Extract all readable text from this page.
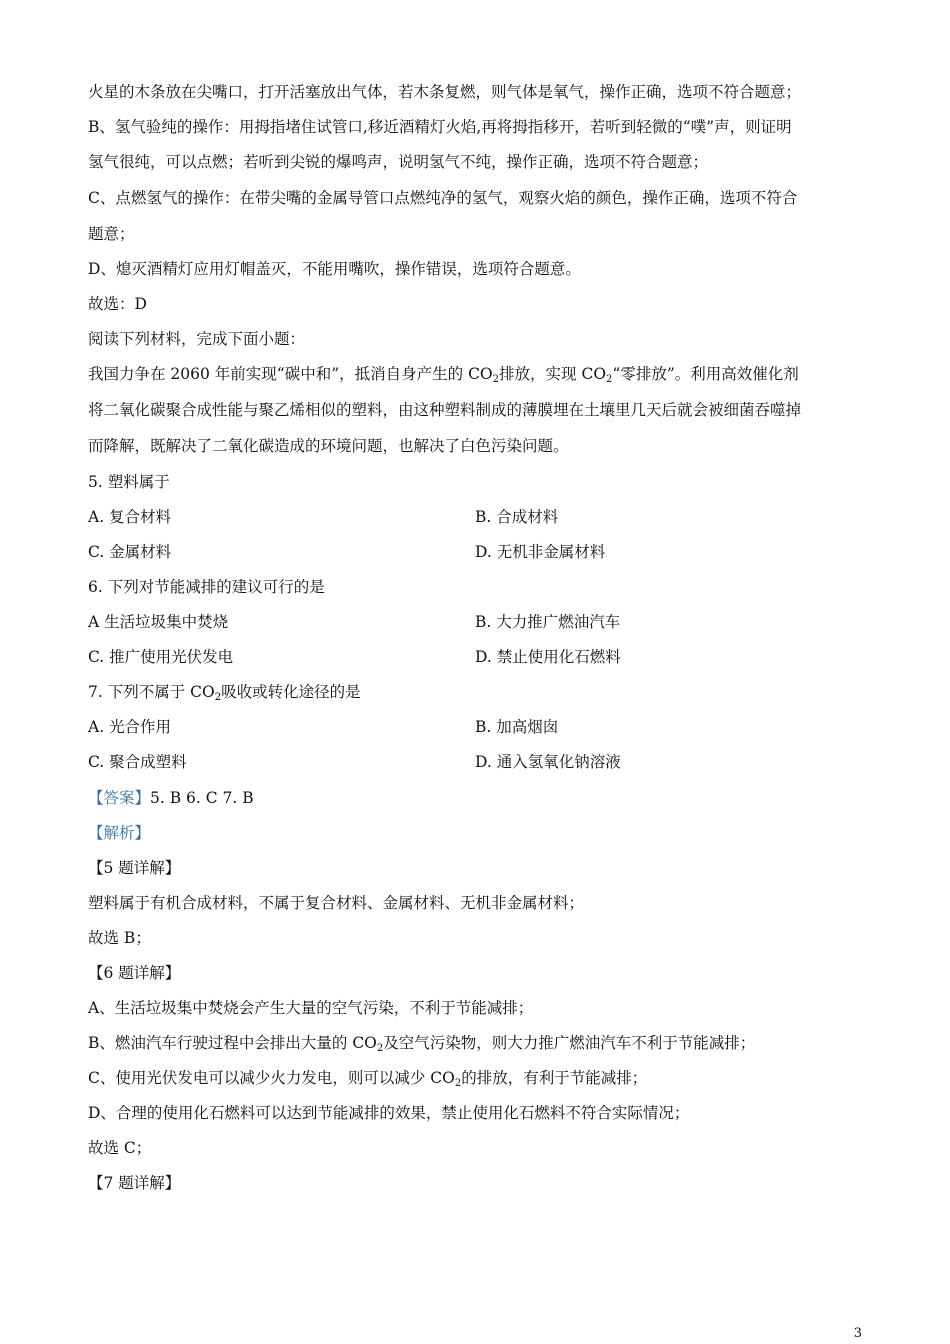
火星的木条放在尖嘴口，打开活塞放出气体，若木条复燃，则气体是氧气，操作正确，选项不符合题意；
B、氢气验纯的操作：用拇指堵住试管口,移近酒精灯火焰,再将拇指移开，若听到轻微的“噗”声，则证明
氢气很纯，可以点燃；若听到尖锐的爆鸣声，说明氢气不纯，操作正确，选项不符合题意；
C、点燃氢气的操作：在带尖嘴的金属导管口点燃纯净的氢气，观察火焰的颜色，操作正确，选项不符合
题意；
D、熄灭酒精灯应用灯帽盖灭，不能用嘴吹，操作错误，选项符合题意。
故选：D
阅读下列材料，完成下面小题：
我国力争在 2060 年前实现“碳中和”，抵消自身产生的 $CO_2$排放，实现 $CO_2“$零排放”。利用高效催化剂
将二氧化碳聚合成性能与聚乙烯相似的塑料，由这种塑料制成的薄膜埋在土壤里几天后就会被细菌吞噬掉
而降解，既解决了二氧化碳造成的环境问题，也解决了白色污染问题。
5. 塑料属于
A. 复合材料	B. 合成材料
C. 金属材料	D. 无机非金属材料
6. 下列对节能减排的建议可行的是
A 生活垃圾集中焚烧	B. 大力推广燃油汽车
C. 推广使用光伏发电	D. 禁止使用化石燃料
7. 下列不属于 $CO_2$吸收或转化途径的是
A. 光合作用	B. 加高烟囱
C. 聚合成塑料	D. 通入氢氧化钠溶液
【答案】5. B 6. C 7. B
【解析】
【5 题详解】
塑料属于有机合成材料，不属于复合材料、金属材料、无机非金属材料；
故选 B；
【6 题详解】
A、生活垃圾集中焚烧会产生大量的空气污染，不利于节能减排；
B、燃油汽车行驶过程中会排出大量的 $CO_2$及空气污染物，则大力推广燃油汽车不利于节能减排；
C、使用光伏发电可以减少火力发电，则可以减少 $CO_2$的排放，有利于节能减排；
D、合理的使用化石燃料可以达到节能减排的效果，禁止使用化石燃料不符合实际情况；
故选 C；
【7 题详解】
3
